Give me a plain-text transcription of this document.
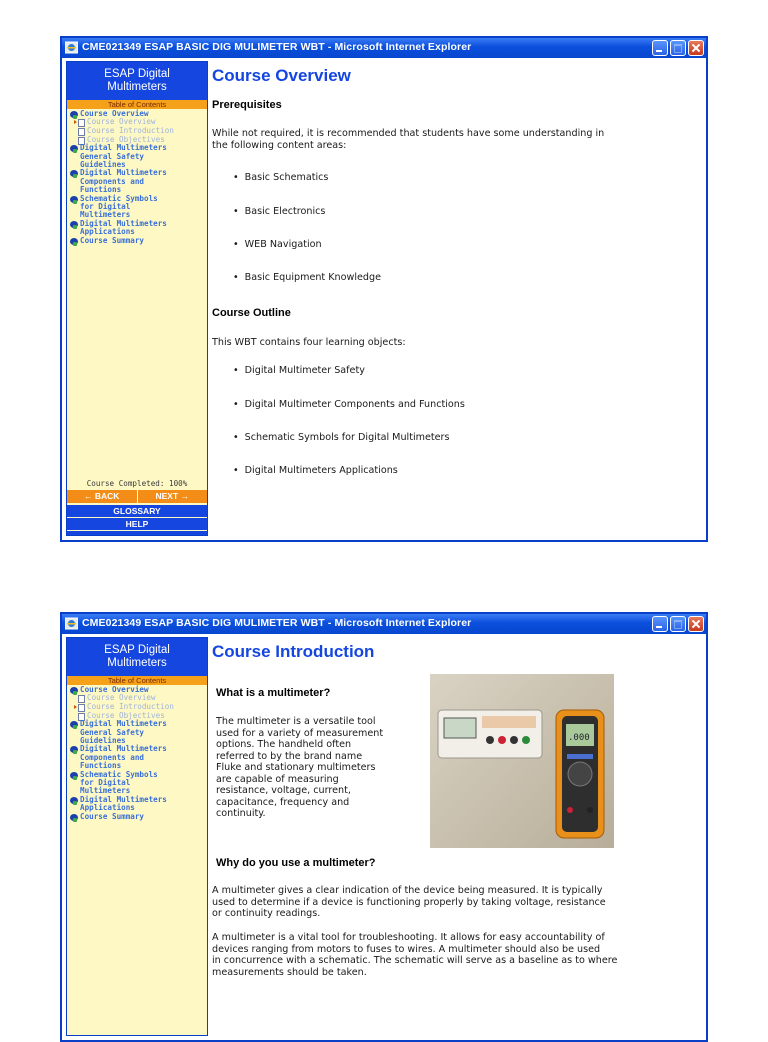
CME021349 ESAP BASIC DIG MULIMETER WBT - Microsoft Internet Explorer
ESAP Digital
Multimeters
Table of Contents
Course Overview
Course Overview
Course Introduction
Course Objectives
Digital Multimeters
General Safety
Guidelines
Digital Multimeters
Components and
Functions
Schematic Symbols
for Digital
Multimeters
Digital Multimeters
Applications
Course Summary
Course Completed: 100%
← BACK	NEXT →
GLOSSARY
HELP
Course Overview
Prerequisites
While not required, it is recommended that students have some understanding in
the following content areas:
• Basic Schematics
• Basic Electronics
• WEB Navigation
• Basic Equipment Knowledge
Course Outline
This WBT contains four learning objects:
• Digital Multimeter Safety
• Digital Multimeter Components and Functions
• Schematic Symbols for Digital Multimeters
• Digital Multimeters Applications
CME021349 ESAP BASIC DIG MULIMETER WBT - Microsoft Internet Explorer
ESAP Digital
Multimeters
Table of Contents
Course Overview
Course Overview
Course Introduction
Course Objectives
Digital Multimeters
General Safety
Guidelines
Digital Multimeters
Components and
Functions
Schematic Symbols
for Digital
Multimeters
Digital Multimeters
Applications
Course Summary
Course Introduction
What is a multimeter?
The multimeter is a versatile tool
used for a variety of measurement
options. The handheld often
referred to by the brand name
Fluke and stationary multimeters
are capable of measuring
resistance, voltage, current,
capacitance, frequency and
continuity.
.000
Why do you use a multimeter?
A multimeter gives a clear indication of the device being measured. It is typically
used to determine if a device is functioning properly by taking voltage, resistance
or continuity readings.
A multimeter is a vital tool for troubleshooting. It allows for easy accountability of
devices ranging from motors to fuses to wires. A multimeter should also be used
in concurrence with a schematic. The schematic will serve as a baseline as to where
measurements should be taken.
